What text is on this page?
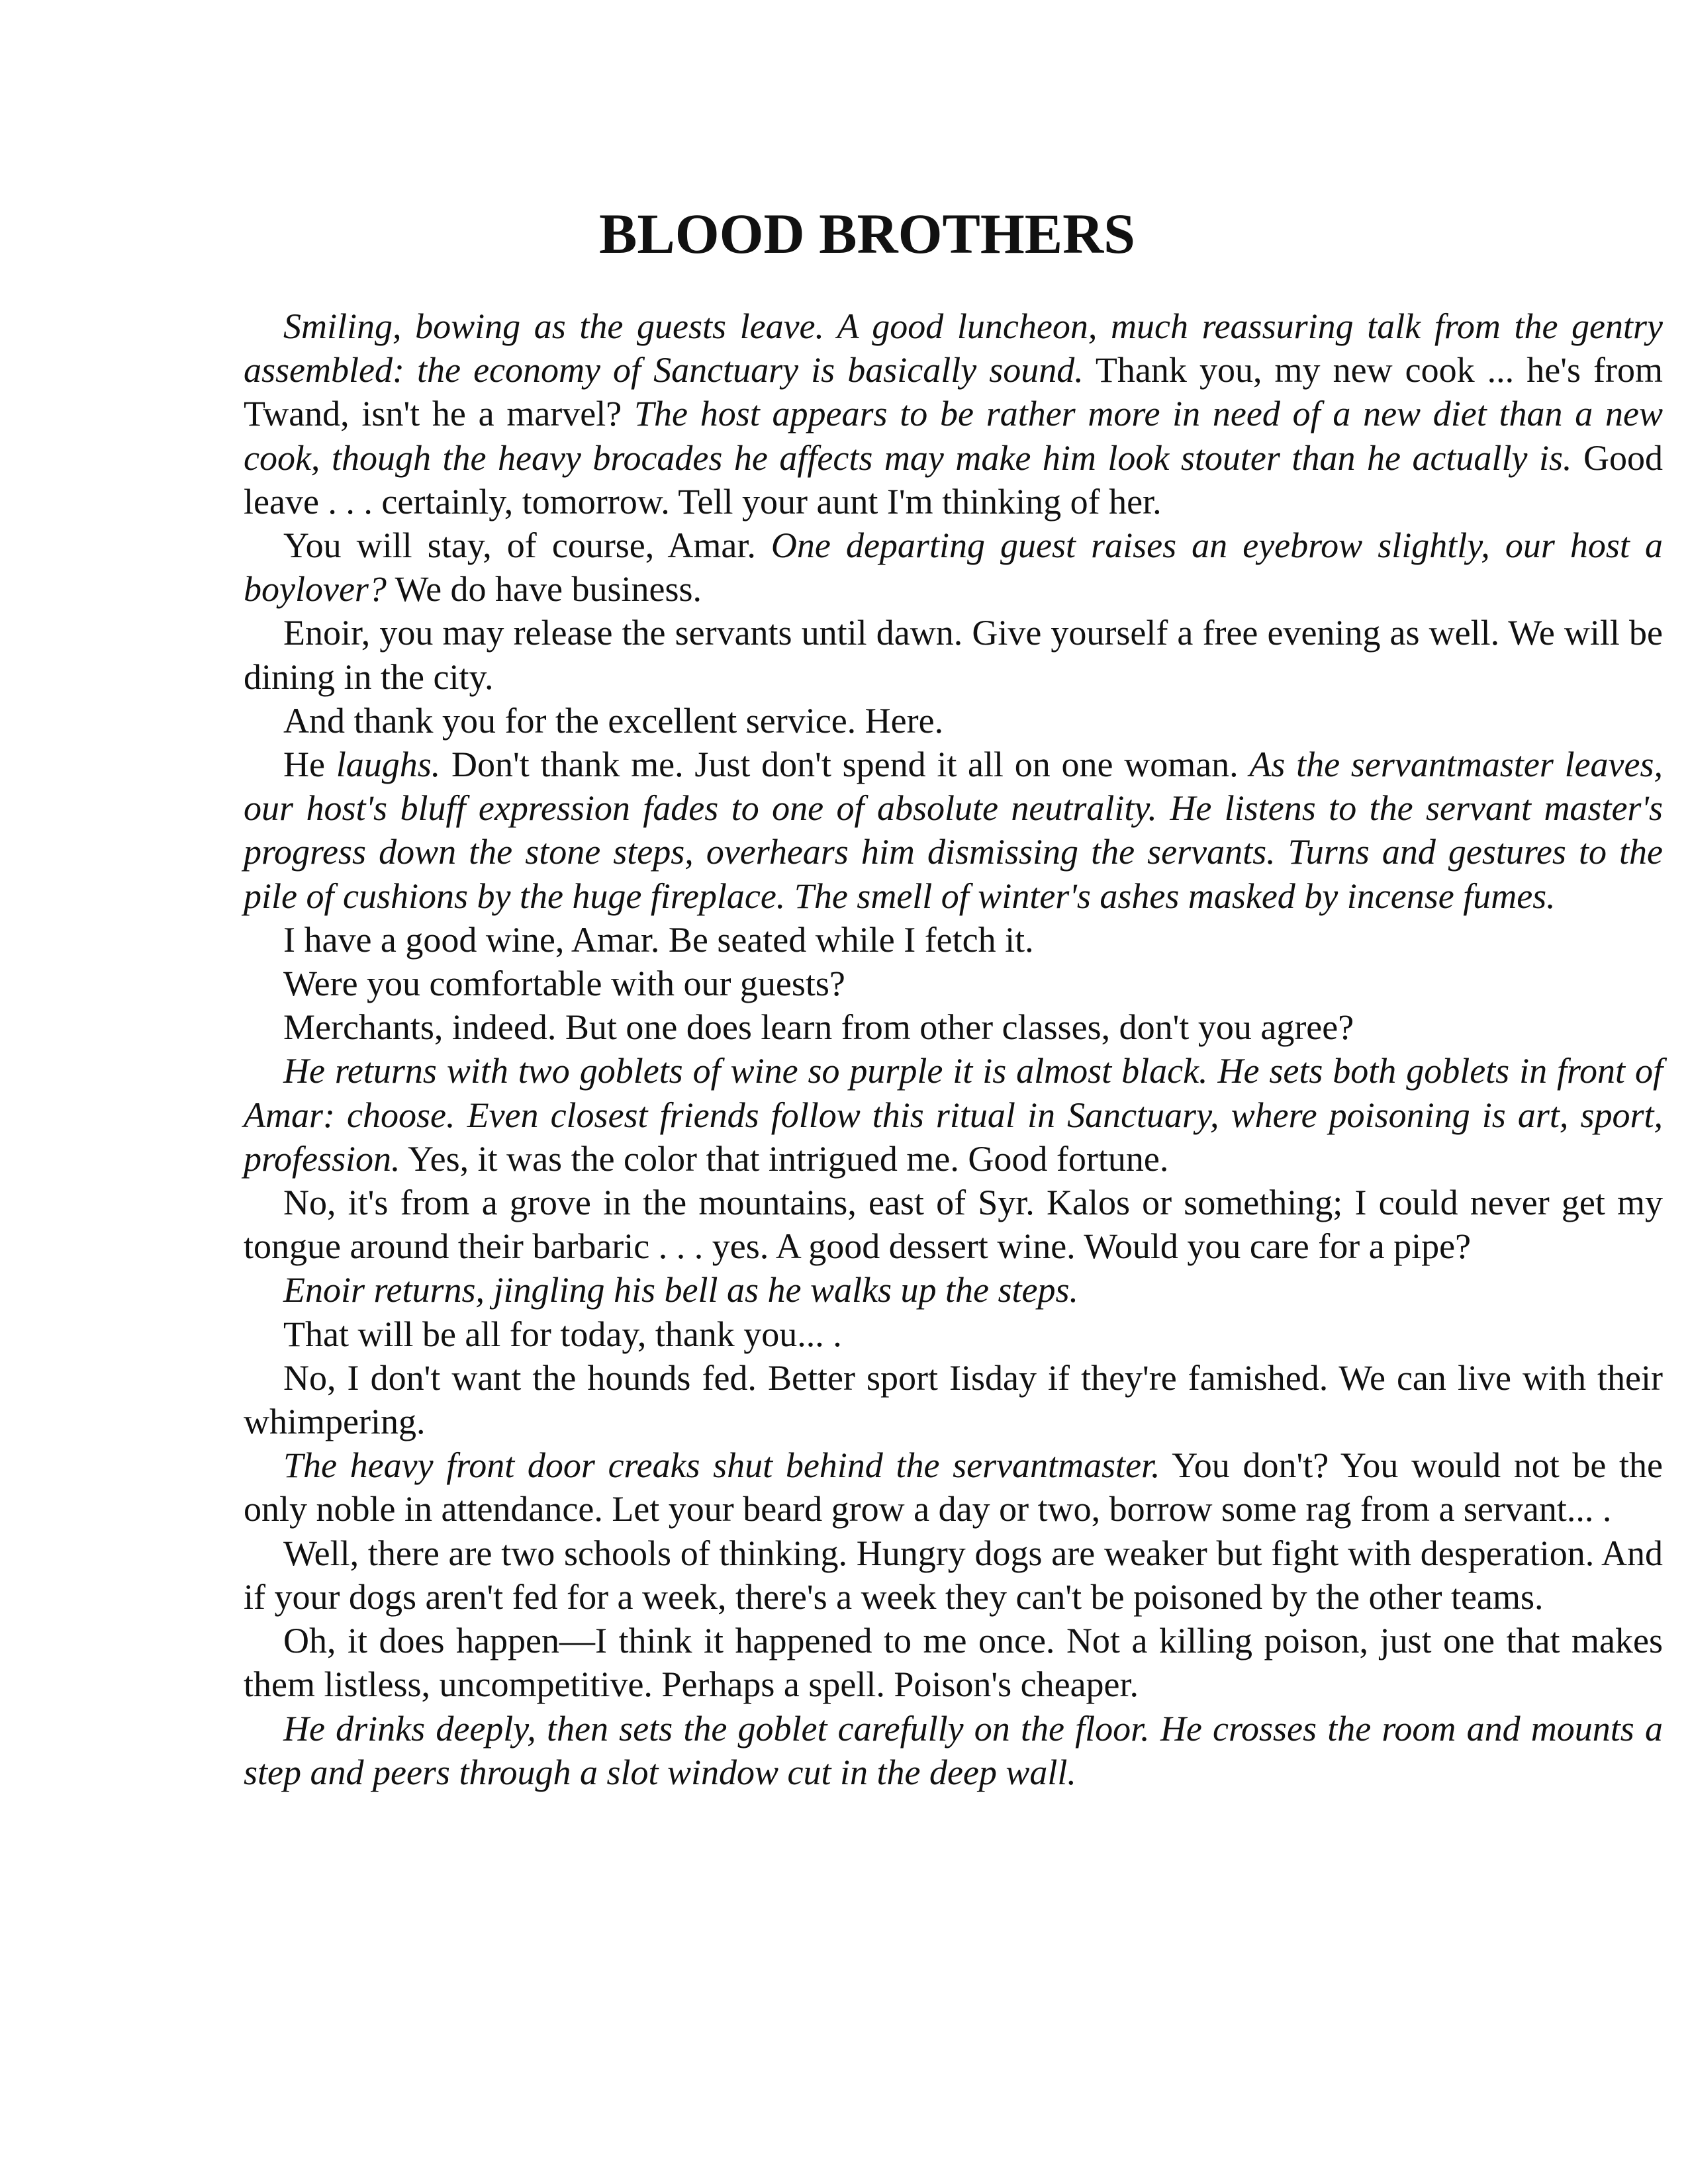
BLOOD BROTHERS

Smiling, bowing as the guests leave. A good luncheon, much reassuring talk from the gentry assembled: the economy of Sanctuary is basically sound. Thank you, my new cook ... he's from Twand, isn't he a marvel? The host appears to be rather more in need of a new diet than a new cook, though the heavy brocades he affects may make him look stouter than he actually is. Good leave . . . certainly, tomorrow. Tell your aunt I'm thinking of her.

You will stay, of course, Amar. One departing guest raises an eyebrow slightly, our host a boylover? We do have business.

Enoir, you may release the servants until dawn. Give yourself a free evening as well. We will be dining in the city.

And thank you for the excellent service. Here.

He laughs. Don't thank me. Just don't spend it all on one woman. As the servantmaster leaves, our host's bluff expression fades to one of absolute neutrality. He listens to the servant master's progress down the stone steps, overhears him dismissing the servants. Turns and gestures to the pile of cushions by the huge fireplace. The smell of winter's ashes masked by incense fumes.

I have a good wine, Amar. Be seated while I fetch it.

Were you comfortable with our guests?

Merchants, indeed. But one does learn from other classes, don't you agree?

He returns with two goblets of wine so purple it is almost black. He sets both goblets in front of Amar: choose. Even closest friends follow this ritual in Sanctuary, where poisoning is art, sport, profession. Yes, it was the color that intrigued me. Good fortune.

No, it's from a grove in the mountains, east of Syr. Kalos or something; I could never get my tongue around their barbaric . . . yes. A good dessert wine. Would you care for a pipe?

Enoir returns, jingling his bell as he walks up the steps.

That will be all for today, thank you... .

No, I don't want the hounds fed. Better sport Iisday if they're famished. We can live with their whimpering.

The heavy front door creaks shut behind the servantmaster. You don't? You would not be the only noble in attendance. Let your beard grow a day or two, borrow some rag from a servant... .

Well, there are two schools of thinking. Hungry dogs are weaker but fight with desperation. And if your dogs aren't fed for a week, there's a week they can't be poisoned by the other teams.

Oh, it does happen—I think it happened to me once. Not a killing poison, just one that makes them listless, uncompetitive. Perhaps a spell. Poison's cheaper.

He drinks deeply, then sets the goblet carefully on the floor. He crosses the room and mounts a step and peers through a slot window cut in the deep wall.
